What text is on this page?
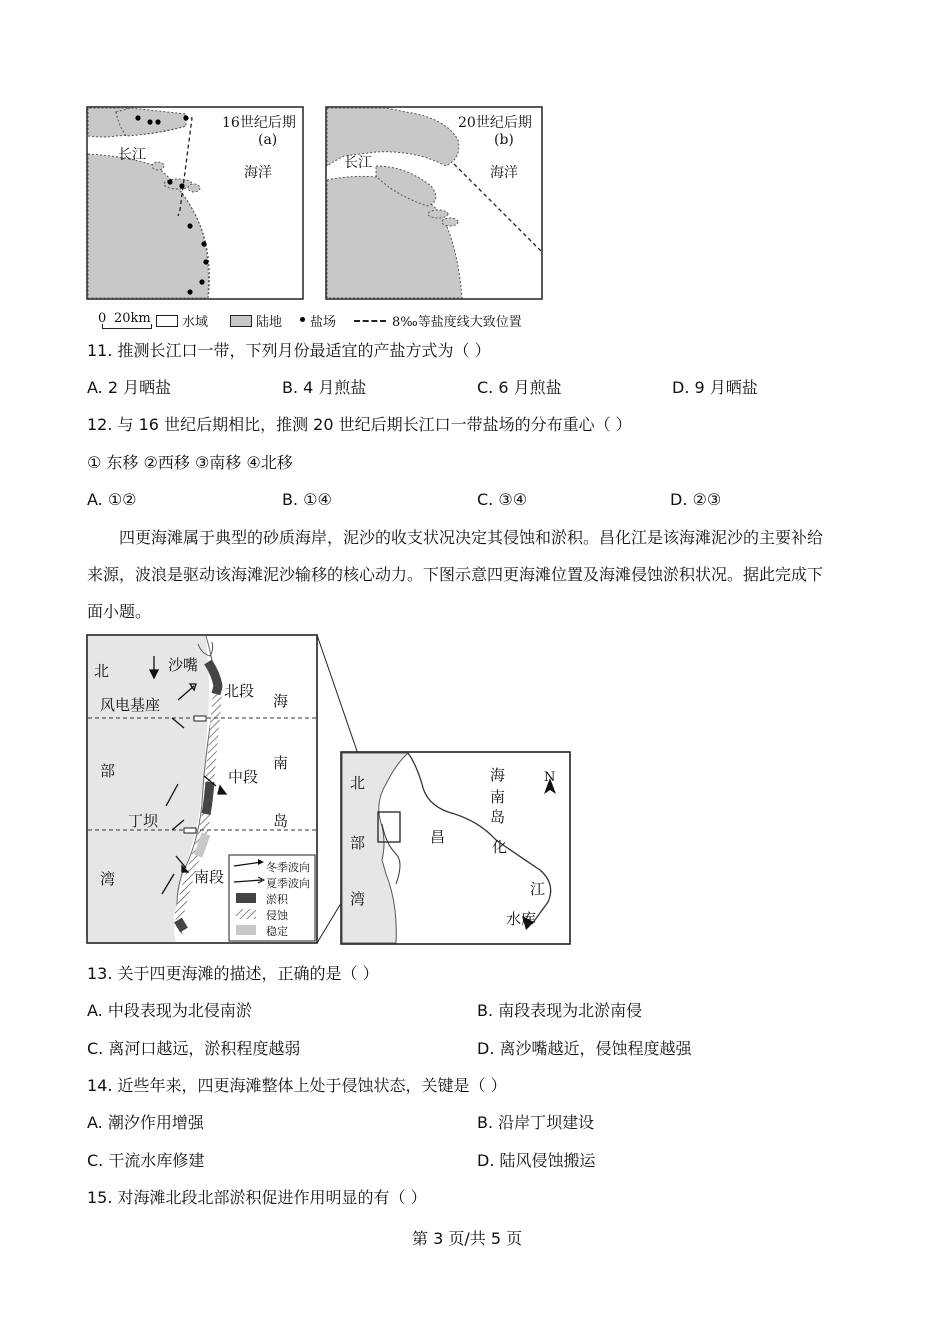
16世纪后期
(a)
长江
海洋
20世纪后期
(b)
长江
海洋
0 20km 水域	陆地 盐场	8‰等盐度线大致位置
11. 推测长江口一带，下列月份最适宜的产盐方式为（ ）
A. 2 月晒盐	B. 4 月煎盐	C. 6 月煎盐	D. 9 月晒盐
12. 与 16 世纪后期相比，推测 20 世纪后期长江口一带盐场的分布重心（ ）
① 东移 ②西移 ③南移 ④北移
A. ①②	B. ①④	C. ③④	D. ②③
四更海滩属于典型的砂质海岸，泥沙的收支状况决定其侵蚀和淤积。昌化江是该海滩泥沙的主要补给
来源，波浪是驱动该海滩泥沙输移的核心动力。下图示意四更海滩位置及海滩侵蚀淤积状况。据此完成下
面小题。
北
部
湾
海
南
岛
沙嘴
北段
中段
南段
风电基座
丁坝
冬季波向
夏季波向
淤积
侵蚀
稳定
北
部
湾
海
南
岛
昌
化
江
水库
N
13. 关于四更海滩的描述，正确的是（ ）
A. 中段表现为北侵南淤	B. 南段表现为北淤南侵
C. 离河口越远，淤积程度越弱	D. 离沙嘴越近，侵蚀程度越强
14. 近些年来，四更海滩整体上处于侵蚀状态，关键是（ ）
A. 潮汐作用增强	B. 沿岸丁坝建设
C. 干流水库修建	D. 陆风侵蚀搬运
15. 对海滩北段北部淤积促进作用明显的有（ ）
第 3 页/共 5 页
